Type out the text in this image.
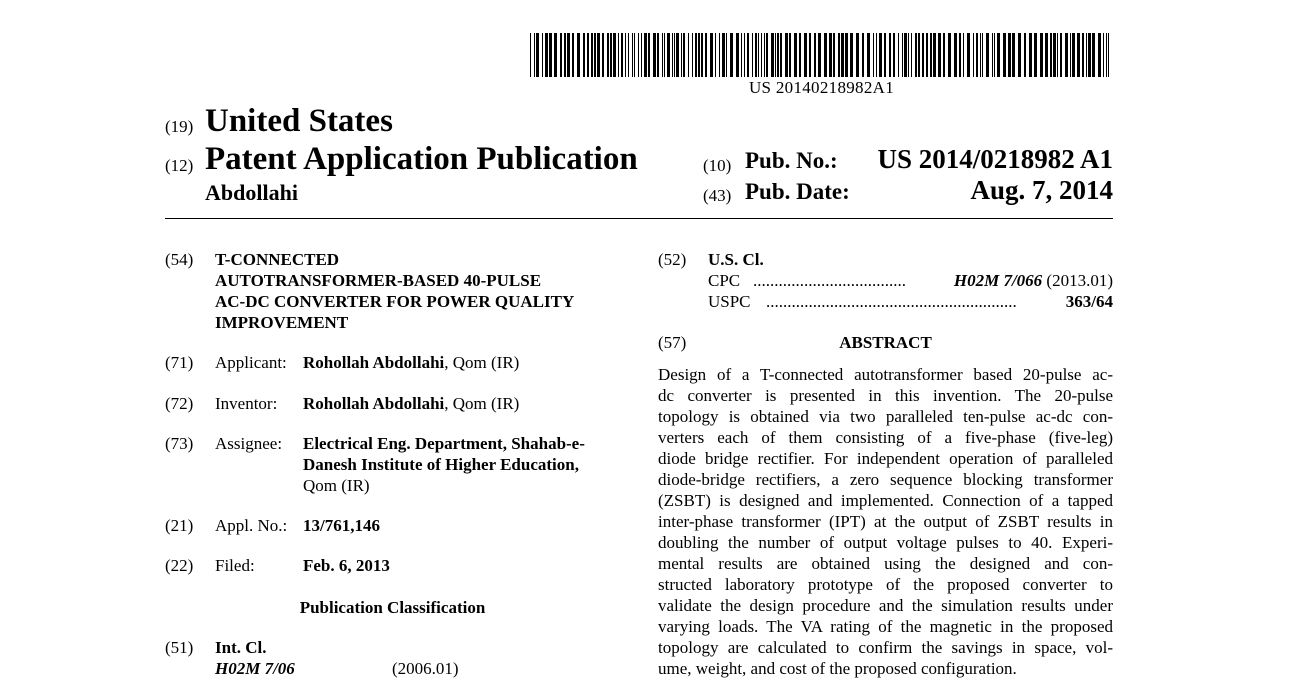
US 20140218982A1
(19) United States
(12) Patent Application Publication
Abdollahi
(10) Pub. No.: US 2014/0218982 A1
(43) Pub. Date:	Aug. 7, 2014
(54) T-CONNECTED
AUTOTRANSFORMER-BASED 40-PULSE
AC-DC CONVERTER FOR POWER QUALITY
IMPROVEMENT
(71) Applicant: Rohollah Abdollahi, Qom (IR)
(72) Inventor: Rohollah Abdollahi, Qom (IR)
(73) Assignee: Electrical Eng. Department, Shahab-e-
Danesh Institute of Higher Education,
Qom (IR)
(21) Appl. No.: 13/761,146
(22) Filed:	Feb. 6, 2013
Publication Classification
(51) Int. Cl.
H02M 7/06	(2006.01)
(52) U.S. Cl.
CPC ....................................	H02M 7/066 (2013.01)
USPC ...........................................................	363/64
(57)	ABSTRACT
Design of a T-connected autotransformer based 20-pulse ac-
dc converter is presented in this invention. The 20-pulse
topology is obtained via two paralleled ten-pulse ac-dc con-
verters each of them consisting of a five-phase (five-leg)
diode bridge rectifier. For independent operation of paralleled
diode-bridge rectifiers, a zero sequence blocking transformer
(ZSBT) is designed and implemented. Connection of a tapped
inter-phase transformer (IPT) at the output of ZSBT results in
doubling the number of output voltage pulses to 40. Experi-
mental results are obtained using the designed and con-
structed laboratory prototype of the proposed converter to
validate the design procedure and the simulation results under
varying loads. The VA rating of the magnetic in the proposed
topology are calculated to confirm the savings in space, vol-
ume, weight, and cost of the proposed configuration.
